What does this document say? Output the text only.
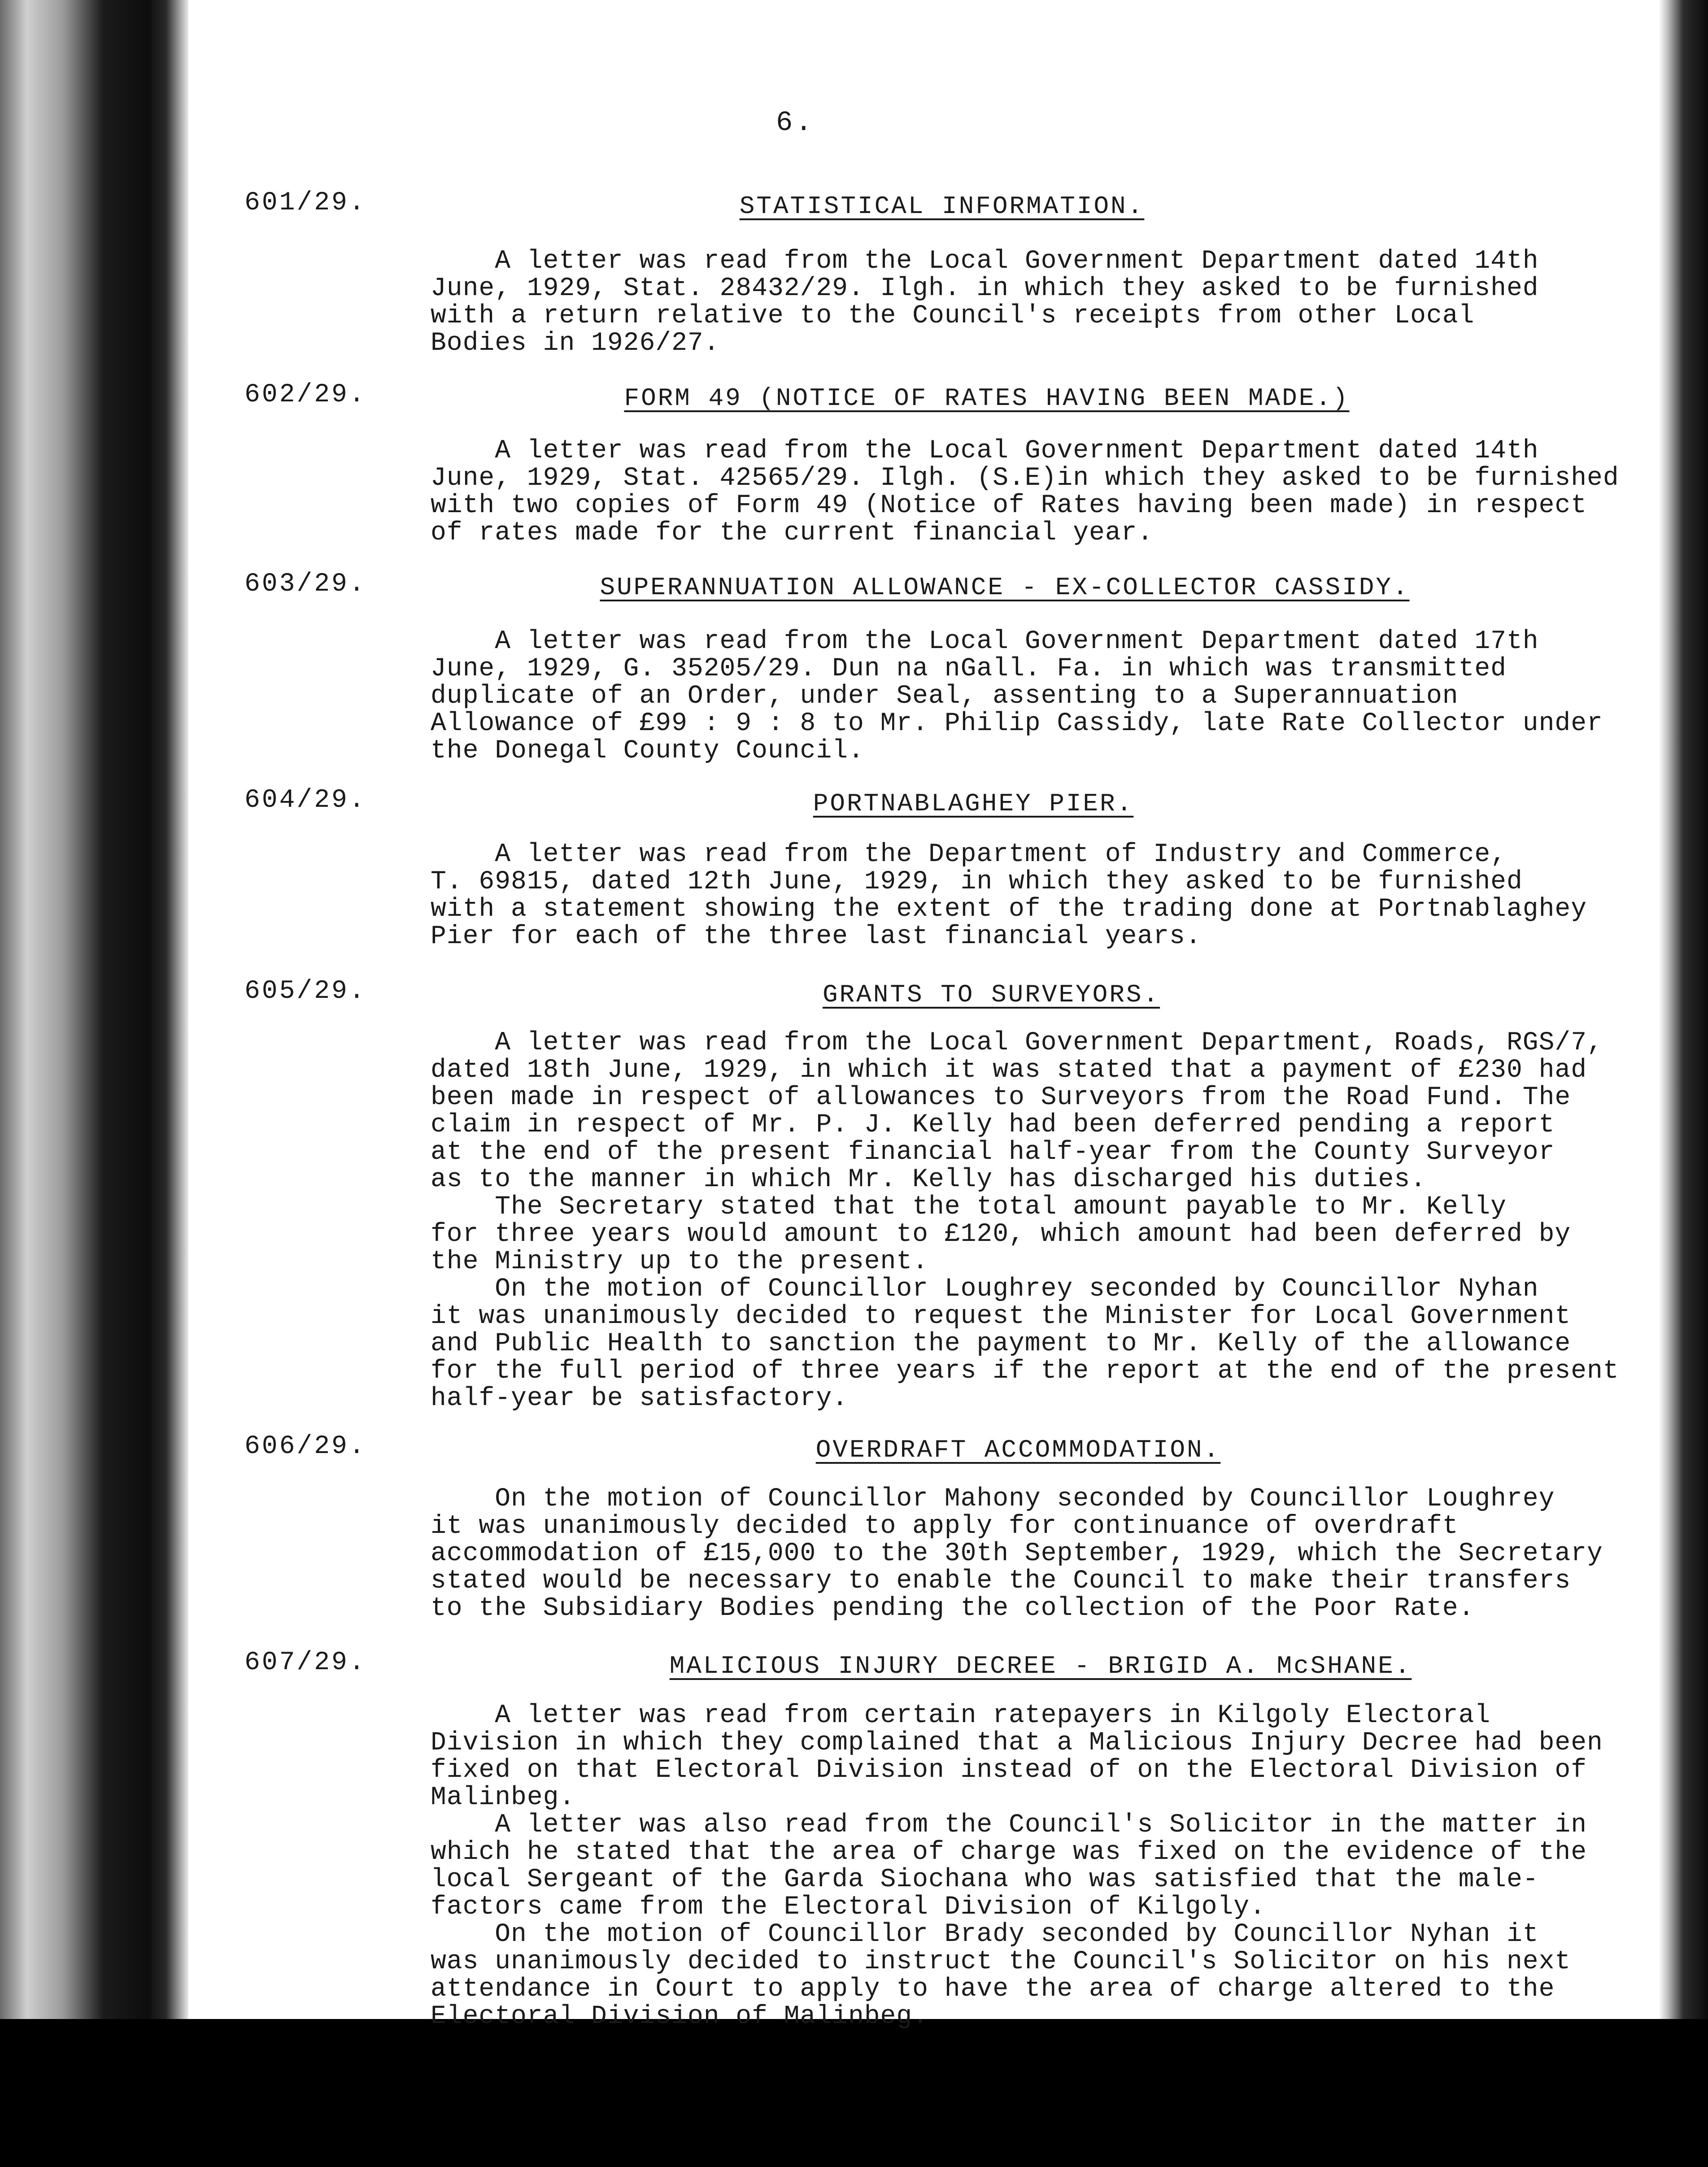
6.
601/29.	STATISTICAL INFORMATION.

A letter was read from the Local Government Department dated 14th
June, 1929, Stat. 28432/29. Ilgh. in which they asked to be furnished
with a return relative to the Council's receipts from other Local
Bodies in 1926/27.

602/29.	FORM 49 (NOTICE OF RATES HAVING BEEN MADE.)

A letter was read from the Local Government Department dated 14th
June, 1929, Stat. 42565/29. Ilgh. (S.E)in which they asked to be furnished
with two copies of Form 49 (Notice of Rates having been made) in respect
of rates made for the current financial year.

603/29.	SUPERANNUATION ALLOWANCE - EX-COLLECTOR CASSIDY.

A letter was read from the Local Government Department dated 17th
June, 1929, G. 35205/29. Dun na nGall. Fa. in which was transmitted
duplicate of an Order, under Seal, assenting to a Superannuation
Allowance of £99 : 9 : 8 to Mr. Philip Cassidy, late Rate Collector under
the Donegal County Council.

604/29.	PORTNABLAGHEY PIER.

A letter was read from the Department of Industry and Commerce,
T. 69815, dated 12th June, 1929, in which they asked to be furnished
with a statement showing the extent of the trading done at Portnablaghey
Pier for each of the three last financial years.

605/29.	GRANTS TO SURVEYORS.

A letter was read from the Local Government Department, Roads, RGS/7,
dated 18th June, 1929, in which it was stated that a payment of £230 had
been made in respect of allowances to Surveyors from the Road Fund. The
claim in respect of Mr. P. J. Kelly had been deferred pending a report
at the end of the present financial half-year from the County Surveyor
as to the manner in which Mr. Kelly has discharged his duties.
The Secretary stated that the total amount payable to Mr. Kelly
for three years would amount to £120, which amount had been deferred by
the Ministry up to the present.
On the motion of Councillor Loughrey seconded by Councillor Nyhan
it was unanimously decided to request the Minister for Local Government
and Public Health to sanction the payment to Mr. Kelly of the allowance
for the full period of three years if the report at the end of the present
half-year be satisfactory.

606/29.	OVERDRAFT ACCOMMODATION.

On the motion of Councillor Mahony seconded by Councillor Loughrey
it was unanimously decided to apply for continuance of overdraft
accommodation of £15,000 to the 30th September, 1929, which the Secretary
stated would be necessary to enable the Council to make their transfers
to the Subsidiary Bodies pending the collection of the Poor Rate.

607/29.	MALICIOUS INJURY DECREE - BRIGID A. McSHANE.

A letter was read from certain ratepayers in Kilgoly Electoral
Division in which they complained that a Malicious Injury Decree had been
fixed on that Electoral Division instead of on the Electoral Division of
Malinbeg.
A letter was also read from the Council's Solicitor in the matter in
which he stated that the area of charge was fixed on the evidence of the
local Sergeant of the Garda Siochana who was satisfied that the male-
factors came from the Electoral Division of Kilgoly.
On the motion of Councillor Brady seconded by Councillor Nyhan it
was unanimously decided to instruct the Council's Solicitor on his next
attendance in Court to apply to have the area of charge altered to the
Electoral Division of Malinbeg.
